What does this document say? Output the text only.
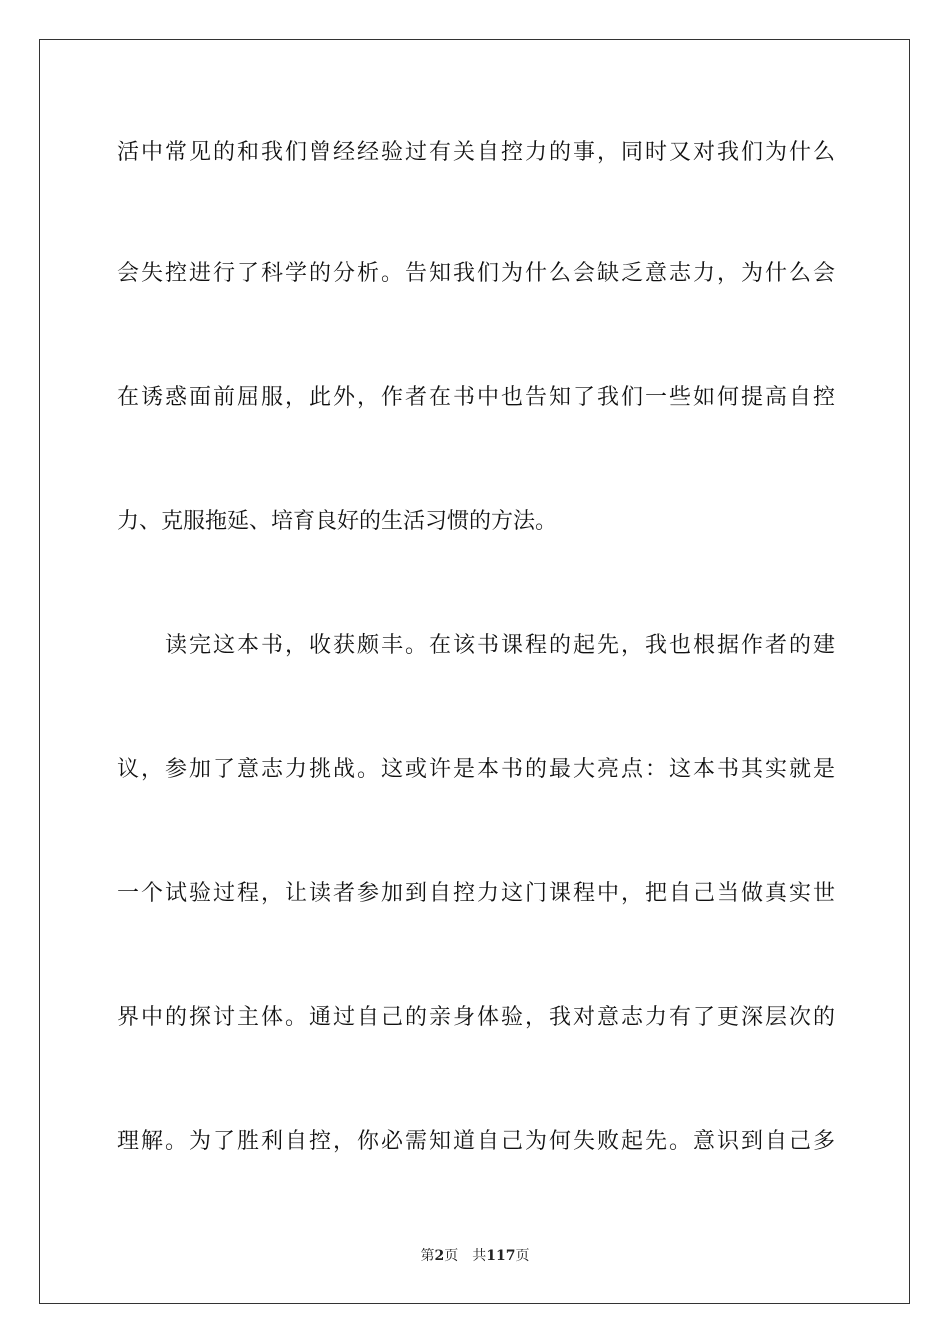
活中常见的和我们曾经经验过有关自控力的事，同时又对我们为什么
会失控进行了科学的分析。告知我们为什么会缺乏意志力，为什么会
在诱惑面前屈服，此外，作者在书中也告知了我们一些如何提高自控
力、克服拖延、培育良好的生活习惯的方法。
读完这本书，收获颇丰。在该书课程的起先，我也根据作者的建
议，参加了意志力挑战。这或许是本书的最大亮点：这本书其实就是
一个试验过程，让读者参加到自控力这门课程中，把自己当做真实世
界中的探讨主体。通过自己的亲身体验，我对意志力有了更深层次的
理解。为了胜利自控，你必需知道自己为何失败起先。意识到自己多
第2页 共117页
